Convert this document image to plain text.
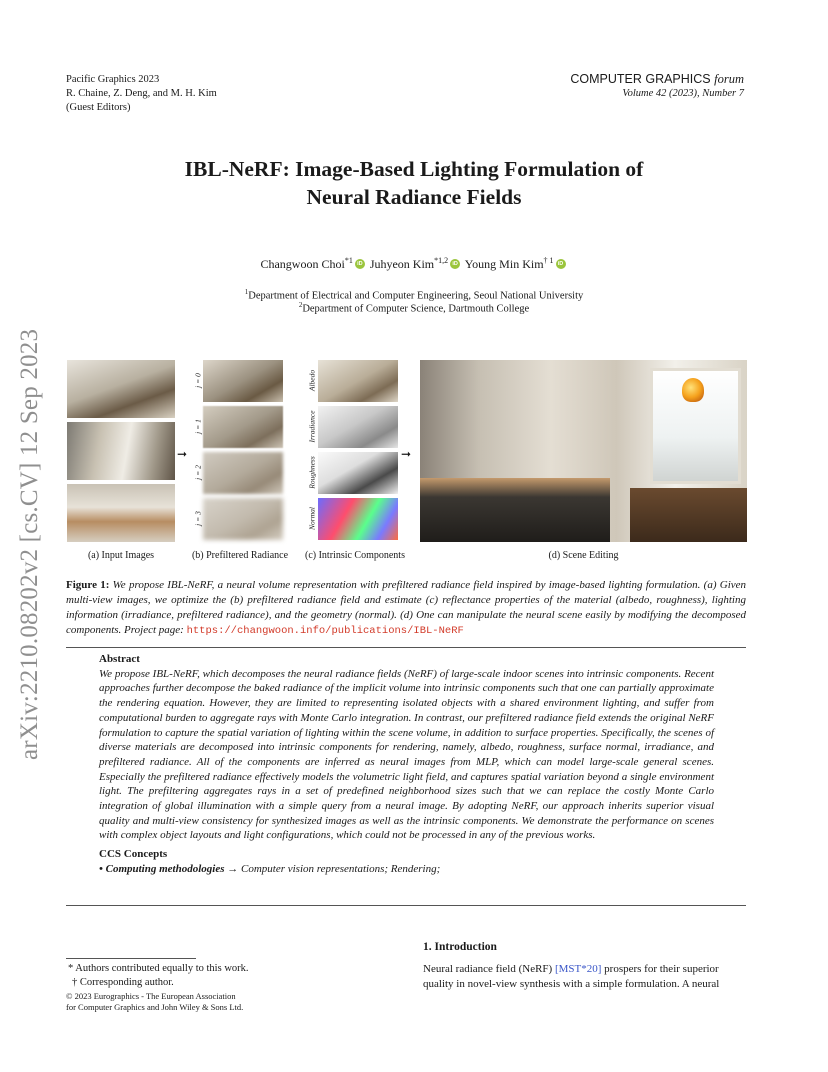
Pacific Graphics 2023
R. Chaine, Z. Deng, and M. H. Kim
(Guest Editors)
COMPUTER GRAPHICS forum
Volume 42 (2023), Number 7
arXiv:2210.08202v2 [cs.CV] 12 Sep 2023
IBL-NeRF: Image-Based Lighting Formulation of
Neural Radiance Fields
Changwoon Choi$^{*1}$ iD Juhyeon Kim$^{*1,2}$ iD Young Min Kim$^{\dagger 1}$iD
$^1$Department of Electrical and Computer Engineering, Seoul National University
$^2$Department of Computer Science, Dartmouth College
➞
j = 0
j = 1
j = 2
j = 3
Albedo
Irradiance
Roughness
Normal
➞
(a) Input Images	(b) Prefiltered Radiance	(c) Intrinsic Components	(d) Scene Editing
Figure 1: We propose IBL-NeRF, a neural volume representation with prefiltered radiance field inspired by image-based lighting formulation. (a) Given multi-view images, we optimize the (b) prefiltered radiance field and estimate (c) reflectance properties of the material (albedo, roughness), lighting information (irradiance, prefiltered radiance), and the geometry (normal). (d) One can manipulate the neural scene easily by modifying the decomposed components. Project page: https://changwoon.info/publications/IBL-NeRF
Abstract
We propose IBL-NeRF, which decomposes the neural radiance fields (NeRF) of large-scale indoor scenes into intrinsic components. Recent approaches further decompose the baked radiance of the implicit volume into intrinsic components such that one can partially approximate the rendering equation. However, they are limited to representing isolated objects with a shared environment lighting, and suffer from computational burden to aggregate rays with Monte Carlo integration. In contrast, our prefiltered radiance field extends the original NeRF formulation to capture the spatial variation of lighting within the scene volume, in addition to surface properties. Specifically, the scenes of diverse materials are decomposed into intrinsic components for rendering, namely, albedo, roughness, surface normal, irradiance, and prefiltered radiance. All of the components are inferred as neural images from MLP, which can model large-scale general scenes. Especially the prefiltered radiance effectively models the volumetric light field, and captures spatial variation beyond a single environment light. The prefiltering aggregates rays in a set of predefined neighborhood sizes such that we can replace the costly Monte Carlo integration of global illumination with a simple query from a neural image. By adopting NeRF, our approach inherits superior visual quality and multi-view consistency for synthesized images as well as the intrinsic components. We demonstrate the performance on scenes with complex object layouts and light configurations, which could not be processed in any of the previous works.
CCS Concepts
• Computing methodologies → Computer vision representations; Rendering;
* Authors contributed equally to this work.
† Corresponding author.
© 2023 Eurographics - The European Association
for Computer Graphics and John Wiley & Sons Ltd.
1. Introduction
Neural radiance field (NeRF) [MST*20] prospers for their superior
quality in novel-view synthesis with a simple formulation. A neural
